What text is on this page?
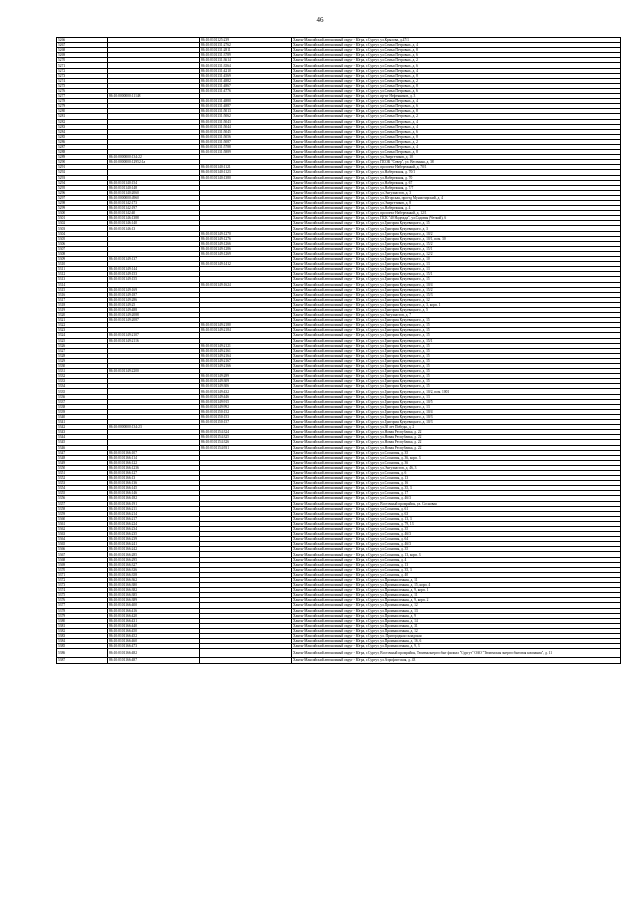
46
5266		86:10:0101125:239	Ханты-Мансийский автономный округ - Югра, г.Сургут, ул.Крылова, д.47/1
5267		86:10:0101131:2762	Ханты-Мансийский автономный округ - Югра, г.Сургут, ул.Семьи Петровых, д. 4
5268		86:10:0101131:2811	Ханты-Мансийский автономный округ - Югра, г.Сургут, ул.Семьи Петровых, д. 8
5269		86:10:0101131:3789	Ханты-Мансийский автономный округ - Югра, г.Сургут, ул.Семьи Петровых, д. 6
5270		86:10:0101131:3614	Ханты-Мансийский автономный округ - Югра, г.Сургут, ул.Семьи Петровых, д. 2
5271		86:10:0101131:3564	Ханты-Мансийский автономный округ - Югра, г.Сургут, ул.Семьи Петровых, д. 6
5272		86:10:0101131:4210	Ханты-Мансийский автономный округ - Югра, г.Сургут, ул.Семьи Петровых, д. 4
5273		86:10:0101131:4569	Ханты-Мансийский автономный округ - Югра, г.Сургут, ул.Семьи Петровых, д. 8
5274		86:10:0101131:4882	Ханты-Мансийский автономный округ - Югра, г.Сургут, ул.Семьи Петровых, д. 2
5275		86:10:0101131:4867	Ханты-Мансийский автономный округ - Югра, г.Сургут, ул.Семьи Петровых, д. 8
5276		86:10:0101131:4776	Ханты-Мансийский автономный округ - Югра, г.Сургут, ул.Семьи Петровых, д. 6
5277	86:10:0000000:11148		Ханты-Мансийский автономный округ - Югра, г.Сургут, пр-кт Нефтяников, д. 3
5278		86:10:0101131:4880	Ханты-Мансийский автономный округ - Югра, г.Сургут, ул.Семьи Петровых, д. 4
5279		86:10:0101131:4887	Ханты-Мансийский автономный округ - Югра, г.Сургут, ул.Семьи Петровых, д. 6
5280		86:10:0101131:5013	Ханты-Мансийский автономный округ - Югра, г.Сургут, ул.Семьи Петровых, д. 8
5281		86:10:0101131:5062	Ханты-Мансийский автономный округ - Югра, г.Сургут, ул.Семьи Петровых, д. 2
5282		86:10:0101131:5043	Ханты-Мансийский автономный округ - Югра, г.Сургут, ул.Семьи Петровых, д. 4
5283		86:10:0101131:5044	Ханты-Мансийский автономный округ - Югра, г.Сургут, ул.Семьи Петровых, д. 4
5284		86:10:0101131:5045	Ханты-Мансийский автономный округ - Югра, г.Сургут, ул.Семьи Петровых, д. 6
5285		86:10:0101131:5056	Ханты-Мансийский автономный округ - Югра, г.Сургут, ул.Семьи Петровых, д. 8
5286		86:10:0101131:5087	Ханты-Мансийский автономный округ - Югра, г.Сургут, ул.Семьи Петровых, д. 2
5287		86:10:0101131:5788	Ханты-Мансийский автономный округ - Югра, г.Сургут, ул.Семьи Петровых, д. 4
5288		86:10:0101131:5889	Ханты-Мансийский автономный округ - Югра, г.Сургут, ул.Семьи Петровых, д. 8
5289	86:10:0000000:134:22		Ханты-Мансийский автономный округ - Югра, г.Сургут, ул.Энергетиков, д. 10
5290	86:10:0000000:12952:1а		Ханты-Мансийский автономный округ - Югра, г.Сургут, ПСОК "Север", ул. Весенняя, д. 38
5291		86:10:0101140:1121	Ханты-Мансийский автономный округ - Югра, г.Сургут, проспект Набережный, д. 70/1
5292		86:10:0101140:1123	Ханты-Мансийский автономный округ - Югра, г.Сургут, ул.Набережная, д. 70/1
5293		86:10:0101140:1380	Ханты-Мансийский автономный округ - Югра, г.Сургут, ул.Набережная, д. 70
5294	86:10:0101140:154		Ханты-Мансийский автономный округ - Югра, г.Сургут, ул.Набережная, д. 67
5295	86:10:0101140:148		Ханты-Мансийский автономный округ - Югра, г.Сургут, ул.Набережная, д. 7/7
5296	86:10:0101140:2060		Ханты-Мансийский автономный округ - Югра, г.Сургут, ул.Энтузиастов, д. 3
5297	86:10:0000000:4960		Ханты-Мансийский автономный округ - Югра, г.Сургут, ул.Югорская, проезд Мунистирский, д. 4
5298	86:10:0101142:173		Ханты-Мансийский автономный округ - Югра, г.Сургут, ул.Энергетиков, д. 8
5299	86:10:0101142:197		Ханты-Мансийский автономный округ - Югра, г.Сургут, ул.Набережная, д. 4
5300	86:10:0101142:40		Ханты-Мансийский автономный округ - Югра, г.Сургут, проспект Набережный, д. 12/1
5301	86:10:0101146:1388		Ханты-Мансийский автономный округ - Югра, г.Сургут, ПСК "40 Надежда", ул.Садовая (Четкий), 6
5302	86:10:0101146:140		Ханты-Мансийский автономный округ - Югра, г.Сургут, ул.Григория Кукуевицкого, д. 15
5303	86:10:0101146:13		Ханты-Мансийский автономный округ - Югра, г.Сургут, ул.Григория Кукуевицкого, д. 3
5304		86:10:0101149:1270	Ханты-Мансийский автономный округ - Югра, г.Сургут, ул.Григория Кукуевицкого, д. 10/2
5305		86:10:0101149:1276	Ханты-Мансийский автономный округ - Югра, г.Сургут, ул.Григория Кукуевицкого, д. 10/1, пом. 30
5306		86:10:0101149:1266	Ханты-Мансийский автономный округ - Югра, г.Сургут, ул.Григория Кукуевицкого, д. 15/2
5307		86:10:0101149:1286	Ханты-Мансийский автономный округ - Югра, г.Сургут, ул.Григория Кукуевицкого, д. 15/1
5308		86:10:0101149:1269	Ханты-Мансийский автономный округ - Югра, г.Сургут, ул.Григория Кукуевицкого, д. 12/2
5309	86:10:0101149:137		Ханты-Мансийский автономный округ - Югра, г.Сургут, ул.Григория Кукуевицкого, д. 10
5310		86:10:0101149:1412	Ханты-Мансийский автономный округ - Югра, г.Сургут, ул.Григория Кукуевицкого, д. 13
5311	86:10:0101149:144		Ханты-Мансийский автономный округ - Югра, г.Сургут, ул.Григория Кукуевицкого, д. 13
5312	86:10:0101149:153		Ханты-Мансийский автономный округ - Югра, г.Сургут, ул.Григория Кукуевицкого, д. 15/1
5313	86:10:0101149:155		Ханты-Мансийский автономный округ - Югра, г.Сургут, ул.Григория Кукуевицкого, д. 15
5314		86:10:0101149:1624	Ханты-Мансийский автономный округ - Югра, г.Сургут, ул.Григория Кукуевицкого, д. 10/4
5315	86:10:0101149:169		Ханты-Мансийский автономный округ - Югра, г.Сургут, ул.Григория Кукуевицкого, д. 15/2
5316	86:10:0101149:187		Ханты-Мансийский автономный округ - Югра, г.Сургут, ул.Григория Кукуевицкого, д. 15/3
5317	86:10:0101149:286		Ханты-Мансийский автономный округ - Югра, г.Сургут, ул.Григория Кукуевицкого, д. 12
5318	86:10:0101149:25		Ханты-Мансийский автономный округ - Югра, г.Сургут, ул.Григория Кукуевицкого, д. 3, корп. 1
5319	86:10:0101149:488		Ханты-Мансийский автономный округ - Югра, г.Сургут, ул.Григория Кукуевицкого, д. 5
5320	86:10:0101149:2088		Ханты-Мансийский автономный округ - Югра, г.Сургут, ул.Энтузиастов, д. 7
5321	86:10:0101149:2087		Ханты-Мансийский автономный округ - Югра, г.Сургут, ул.Григория Кукуевицкого, д. 15
5322		86:10:0101149:2180	Ханты-Мансийский автономный округ - Югра, г.Сургут, ул.Григория Кукуевицкого, д. 15
5323		86:10:0101149:2184	Ханты-Мансийский автономный округ - Югра, г.Сургут, ул.Григория Кукуевицкого, д. 15
5324	86:10:0101149:2107		Ханты-Мансийский автономный округ - Югра, г.Сургут, ул.Григория Кукуевицкого, д. 15
5325	86:10:0101149:2116		Ханты-Мансийский автономный округ - Югра, г.Сургут, ул.Григория Кукуевицкого, д. 15/1
5326		86:10:0101149:2121	Ханты-Мансийский автономный округ - Югра, г.Сургут, ул.Григория Кукуевицкого, д. 15
5327		86:10:0101149:2161	Ханты-Мансийский автономный округ - Югра, г.Сургут, ул.Григория Кукуевицкого, д. 15
5328		86:10:0101149:2164	Ханты-Мансийский автономный округ - Югра, г.Сургут, ул.Григория Кукуевицкого, д. 15
5329		86:10:0101149:2167	Ханты-Мансийский автономный округ - Югра, г.Сургут, ул.Григория Кукуевицкого, д. 15
5330		86:10:0101149:2166	Ханты-Мансийский автономный округ - Югра, г.Сургут, ул.Григория Кукуевицкого, д. 15
5331	86:10:0101149:2200		Ханты-Мансийский автономный округ - Югра, г.Сургут, ул.Григория Кукуевицкого, д. 15
5332		86:10:0101149:289	Ханты-Мансийский автономный округ - Югра, г.Сургут, ул.Григория Кукуевицкого, д. 15
5333		86:10:0101149:309	Ханты-Мансийский автономный округ - Югра, г.Сургут, ул.Григория Кукуевицкого, д. 15
5334		86:10:0101149:306	Ханты-Мансийский автономный округ - Югра, г.Сургут, ул.Григория Кукуевицкого, д. 15
5335		86:10:0101149:432	Ханты-Мансийский автономный округ - Югра, г.Сургут, ул.Григория Кукуевицкого, д. 10/2, пом. 1001
5336		86:10:0101149:446	Ханты-Мансийский автономный округ - Югра, г.Сургут, ул.Григория Кукуевицкого, д. 13
5337		86:10:0101149:915	Ханты-Мансийский автономный округ - Югра, г.Сургут, ул.Григория Кукуевицкого, д. 10/5
5338		86:10:0101149:992	Ханты-Мансийский автономный округ - Югра, г.Сургут, ул.Григория Кукуевицкого, д. 13
5339		86:10:0101150:152	Ханты-Мансийский автономный округ - Югра, г.Сургут, ул.Григория Кукуевицкого, д. 10/4
5340		86:10:0101150:153	Ханты-Мансийский автономный округ - Югра, г.Сургут, ул.Григория Кукуевицкого, д. 10/3
5341		86:10:0101150:157	Ханты-Мансийский автономный округ - Югра, г.Сургут, ул.Григория Кукуевицкого, д. 10/3
5342	86:10:0000000:134:23		Ханты-Мансийский автономный округ - Югра, г.Сургут, ул.30 лет Победы, д. 2
5343		86:10:0101154:324	Ханты-Мансийский автономный округ - Югра, г.Сургут, ул.Новая Республика, д. 22
5344		86:10:0101154:325	Ханты-Мансийский автономный округ - Югра, г.Сургут, ул.Новая Республика, д. 22
5345		86:10:0101154:326	Ханты-Мансийский автономный округ - Югра, г.Сургут, ул.Новая Республика, д. 22
5346		86:10:0101154:931	Ханты-Мансийский автономный округ - Югра, г.Сургут, ул.Новая Республика, д. 22
5347	86:10:0101166:107		Ханты-Мансийский автономный округ - Югра, г.Сургут, ул.Сосновая, д. 35
5348	86:10:0101166:114		Ханты-Мансийский автономный округ - Югра, г.Сургут, ул.Сосновая, д. 36, корп. 3
5349	86:10:0101166:122		Ханты-Мансийский автономный округ - Югра, г.Сургут, ул.Сосновая, д. 36
5350	86:10:0101166:1236		Ханты-Мансийский автономный округ - Югра, г.Сургут, ул.Энтузиастов, д. 46, 3
5351	86:10:0101166:127		Ханты-Мансийский автономный округ - Югра, г.Сургут, ул.Сосновая, д. 6
5352	86:10:0101166:13		Ханты-Мансийский автономный округ - Югра, г.Сургут, ул.Сосновая, д. 13
5353	86:10:0101166:136		Ханты-Мансийский автономный округ - Югра, г.Сургут, ул.Сосновая, д. 16
5354	86:10:0101166:145		Ханты-Мансийский автономный округ - Югра, г.Сургут, ул.Сосновая, д. 35, 3
5355	86:10:0101166:146		Ханты-Мансийский автономный округ - Югра, г.Сургут, ул.Сосновая, д. 17
5356	86:10:0101166:182		Ханты-Мансийский автономный округ - Югра, г.Сургут, ул.Сосновая, д. 46/3
5357	86:10:0101166:191		Ханты-Мансийский автономный округ - Югра, г.Сургут, Восточный промрайон, ул. Сосновая
5358	86:10:0101166:211		Ханты-Мансийский автономный округ - Югра, г.Сургут, ул.Сосновая, д. 61
5359	86:10:0101166:214		Ханты-Мансийский автономный округ - Югра, г.Сургут, ул.Сосновая, д. 63
5360	86:10:0101166:217		Ханты-Мансийский автономный округ - Югра, г.Сургут, ул.Сосновая, д. 13, 3
5361	86:10:0101166:224		Ханты-Мансийский автономный округ - Югра, г.Сургут, ул.Сосновая, д. 79, 13
5362	86:10:0101166:234		Ханты-Мансийский автономный округ - Югра, г.Сургут, ул.Сосновая, д. 35
5363	86:10:0101166:235		Ханты-Мансийский автономный округ - Югра, г.Сургут, ул.Сосновая, д. 46/3
5364	86:10:0101166:239		Ханты-Мансийский автономный округ - Югра, г.Сургут, ул.Сосновая, д. 64
5365	86:10:0101166:241		Ханты-Мансийский автономный округ - Югра, г.Сургут, ул.Сосновая, д. 46/3
5366	86:10:0101166:242		Ханты-Мансийский автономный округ - Югра, г.Сургут, ул.Сосновая, д. 35
5367	86:10:0101166:285		Ханты-Мансийский автономный округ - Югра, г.Сургут, ул.Сосновая, д. 13, корп. 3
5368	86:10:0101166:295		Ханты-Мансийский автономный округ - Югра, г.Сургут, ул.Сосновая, д. 4
5369	86:10:0101166:327		Ханты-Мансийский автономный округ - Югра, г.Сургут, ул.Сосновая, д. 13
5370	86:10:0101166:336		Ханты-Мансийский автономный округ - Югра, г.Сургут, ул.Сосновая, д. 35, 3
5371	86:10:0101166:358		Ханты-Мансийский автономный округ - Югра, г.Сургут, ул.Сосновая, д. 40
5372	86:10:0101166:362		Ханты-Мансийский автономный округ - Югра, г.Сургут, ул.Промышленная, д. 11
5373	86:10:0101166:380		Ханты-Мансийский автономный округ - Югра, г.Сургут, ул.Промышленная, д. 15, корп. 4
5374	86:10:0101166:382		Ханты-Мансийский автономный округ - Югра, г.Сургут, ул.Промышленная, д. 9, корп. 1
5375	86:10:0101166:385		Ханты-Мансийский автономный округ - Югра, г.Сургут, ул.Промышленная, д. 11
5376	86:10:0101166:389		Ханты-Мансийский автономный округ - Югра, г.Сургут, ул.Промышленная, д. 9, корп. 2
5377	86:10:0101166:400		Ханты-Мансийский автономный округ - Югра, г.Сургут, ул.Промышленная, д. 12
5378	86:10:0101166:416		Ханты-Мансийский автономный округ - Югра, г.Сургут, ул.Промышленная, д. 13
5379	86:10:0101166:420		Ханты-Мансийский автономный округ - Югра, г.Сургут, ул.Промышленная, д. 9
5380	86:10:0101166:431		Ханты-Мансийский автономный округ - Югра, г.Сургут, ул.Промышленная, д. 14
5381	86:10:0101166:440		Ханты-Мансийский автономный округ - Югра, г.Сургут, ул.Промышленная, д. 31
5382	86:10:0101166:450		Ханты-Мансийский автономный округ - Югра, г.Сургут, ул.Промышленная, д. 12
5383	86:10:0101166:452		Ханты-Мансийский автономный округ - Югра, г.Сургут, ул. Пригородная складская
5384	86:10:0101166:460		Ханты-Мансийский автономный округ - Югра, г.Сургут, ул.Промышленная, д. 16, 6
5385	86:10:0101166:473		Ханты-Мансийский автономный округ - Югра, г.Сургут, ул.Промышленная, д. 9, 3
5386	86:10:0101166:482		Ханты-Мансийский автономный округ - Югра, г.Сургут, Восточный промрайон, Тюменьэнергосбыт филиал "Сургут" ОАО "Тюменская энергосбытовая компания", д. 11
5387	86:10:0101166:487		Ханты-Мансийский автономный округ - Югра, г.Сургут, ул.Аэрофлотская, д. 43
